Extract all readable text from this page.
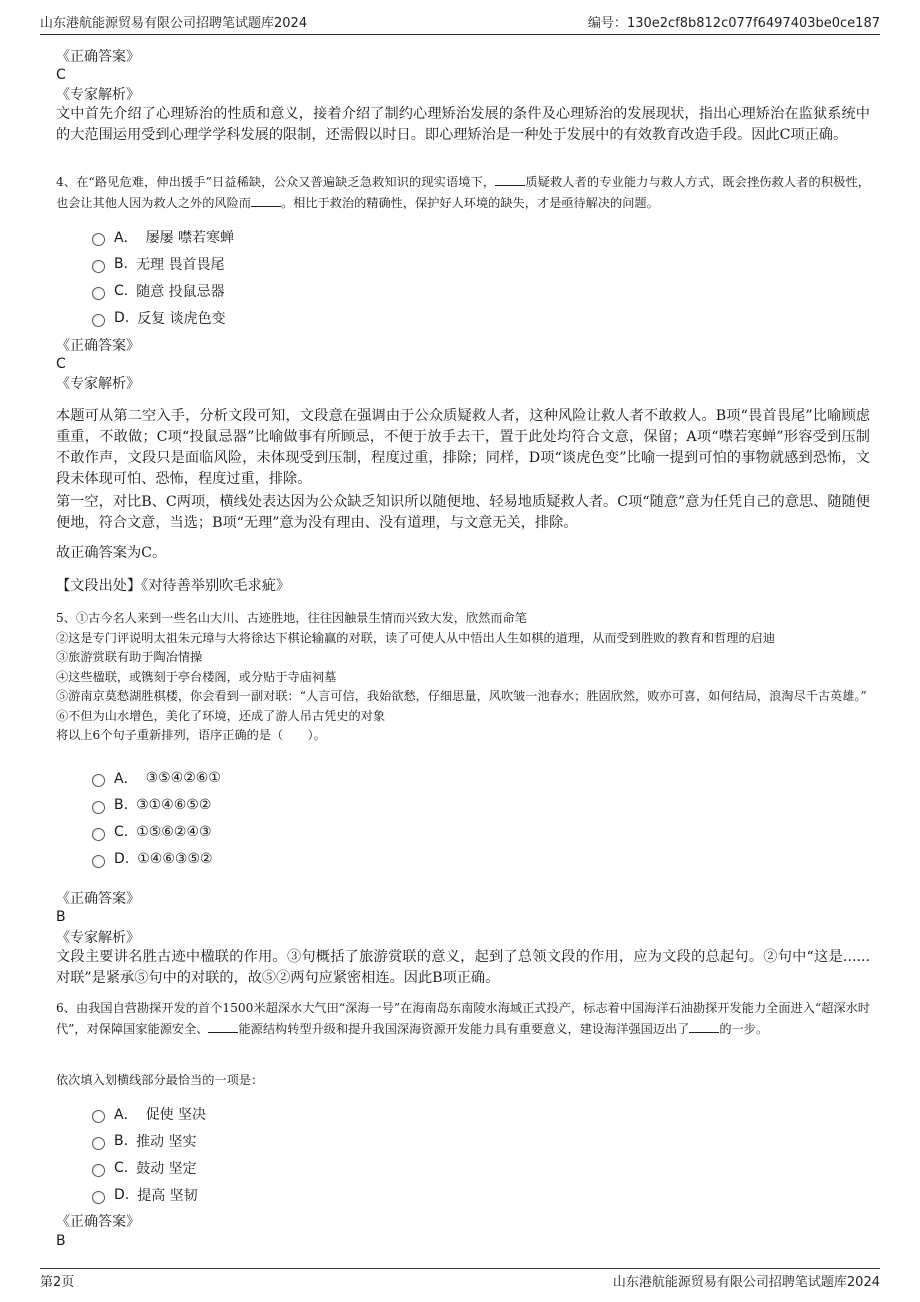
山东港航能源贸易有限公司招聘笔试题库2024	编号：130e2cf8b812c077f6497403be0ce187
《正确答案》
C
《专家解析》
文中首先介绍了心理矫治的性质和意义，接着介绍了制约心理矫治发展的条件及心理矫治的发展现状，指出心理矫治在监狱系统中的大范围运用受到心理学学科发展的限制，还需假以时日。即心理矫治是一种处于发展中的有效教育改造手段。因此C项正确。
4、在“路见危难，伸出援手”日益稀缺，公众又普遍缺乏急救知识的现实语境下， 质疑救人者的专业能力与救人方式，既会挫伤救人者的积极性，也会让其他人因为救人之外的风险而 。相比于救治的精确性，保护好人环境的缺失，才是亟待解决的问题。
A． 屡屡 噤若寒蝉
B. 无理 畏首畏尾
C. 随意 投鼠忌器
D. 反复 谈虎色变
《正确答案》
C
《专家解析》
本题可从第二空入手，分析文段可知，文段意在强调由于公众质疑救人者，这种风险让救人者不敢救人。B项“畏首畏尾”比喻顾虑重重，不敢做；C项“投鼠忌器”比喻做事有所顾忌，不便于放手去干，置于此处均符合文意，保留；A项“噤若寒蝉”形容受到压制不敢作声，文段只是面临风险，未体现受到压制，程度过重，排除；同样，D项“谈虎色变”比喻一提到可怕的事物就感到恐怖，文段未体现可怕、恐怖，程度过重，排除。
第一空，对比B、C两项，横线处表达因为公众缺乏知识所以随便地、轻易地质疑救人者。C项“随意”意为任凭自己的意思、随随便便地，符合文意，当选；B项“无理”意为没有理由、没有道理，与文意无关，排除。
故正确答案为C。
【文段出处】《对待善举别吹毛求疵》
5、①古今名人来到一些名山大川、古迹胜地，往往因触景生情而兴致大发，欣然而命笔
②这是专门评说明太祖朱元璋与大将徐达下棋论输赢的对联，读了可使人从中悟出人生如棋的道理，从而受到胜败的教育和哲理的启迪
③旅游赏联有助于陶冶情操
④这些楹联，或镌刻于亭台楼阁，或分贴于寺庙祠墓
⑤游南京莫愁湖胜棋楼，你会看到一副对联：“人言可信，我始欲愁，仔细思量，风吹皱一池春水；胜固欣然，败亦可喜，如何结局，浪淘尽千古英雄。”
⑥不但为山水增色，美化了环境，还成了游人吊古凭史的对象
将以上6个句子重新排列，语序正确的是（　　）。
A． ③⑤④②⑥①
B. ③①④⑥⑤②
C. ①⑤⑥②④③
D. ①④⑥③⑤②
《正确答案》
B
《专家解析》
文段主要讲名胜古迹中楹联的作用。③句概括了旅游赏联的意义，起到了总领文段的作用，应为文段的总起句。②句中“这是......对联”是紧承⑤句中的对联的，故⑤②两句应紧密相连。因此B项正确。
6、由我国自营勘探开发的首个1500米超深水大气田“深海一号”在海南岛东南陵水海域正式投产，标志着中国海洋石油勘探开发能力全面进入“超深水时代”，对保障国家能源安全、 能源结构转型升级和提升我国深海资源开发能力具有重要意义，建设海洋强国迈出了 的一步。
依次填入划横线部分最恰当的一项是：
A． 促使 坚决
B. 推动 坚实
C. 鼓动 坚定
D. 提高 坚韧
《正确答案》
B
第2页	山东港航能源贸易有限公司招聘笔试题库2024
